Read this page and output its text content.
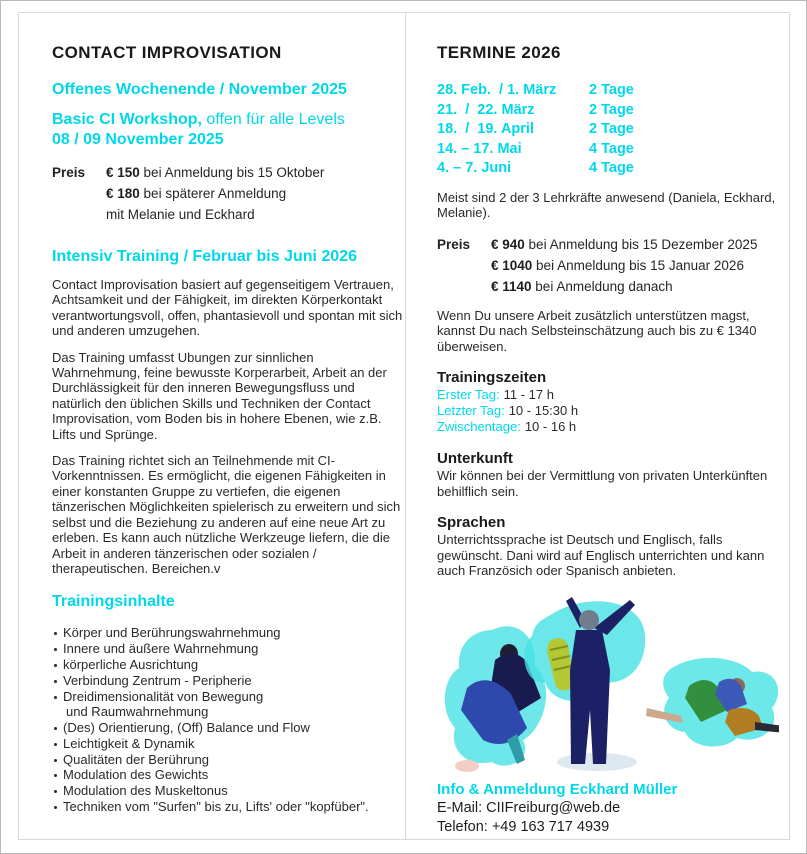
CONTACT IMPROVISATION
Offenes Wochenende / November 2025
Basic CI Workshop, offen für alle Levels
08 / 09 November 2025
Preis	€ 150 bei Anmeldung bis 15 Oktober
€ 180 bei späterer Anmeldung
mit Melanie und Eckhard
Intensiv Training / Februar bis Juni 2026

Contact Improvisation basiert auf gegenseitigem Vertrauen, Achtsamkeit und der Fähigkeit, im direkten Körperkontakt verantwortungsvoll, offen, phantasievoll und spontan mit sich und anderen umzugehen.

Das Training umfasst Ubungen zur sinnlichen Wahrnehmung, feine bewusste Korperarbeit, Arbeit an der Durchlässigkeit für den inneren Bewegungsfluss und natürlich den üblichen Skills und Techniken der Contact Improvisation, vom Boden bis in hohere Ebenen, wie z.B. Lifts und Sprünge.

Das Training richtet sich an Teilnehmende mit CI-Vorkenntnissen. Es ermöglicht, die eigenen Fähigkeiten in einer konstanten Gruppe zu vertiefen, die eigenen tänzerischen Möglichkeiten spielerisch zu erweitern und sich selbst und die Beziehung zu anderen auf eine neue Art zu erleben. Es kann auch nützliche Werkzeuge liefern, die die Arbeit in anderen tänzerischen oder sozialen / therapeutischen. Bereichen.v

Trainingsinhalte
Körper und Berührungswahrnehmung
Innere und äußere Wahrnehmung
körperliche Ausrichtung
Verbindung Zentrum - Peripherie
Dreidimensionalität von Bewegung
und Raumwahrnehmung
(Des) Orientierung, (Off) Balance und Flow
Leichtigkeit & Dynamik
Qualitäten der Berührung
Modulation des Gewichts
Modulation des Muskeltonus
Techniken vom "Surfen" bis zu, Lifts' oder "kopfüber".
TERMINE 2026
28. Feb.  / 1. März	2 Tage
21.  /  22. März	2 Tage
18.  /  19. April	2 Tage
14. – 17. Mai	4 Tage
4. – 7. Juni	4 Tage

Meist sind 2 der 3 Lehrkräfte anwesend (Daniela, Eckhard, Melanie).

Preis	€ 940 bei Anmeldung bis 15 Dezember 2025
€ 1040 bei Anmeldung bis 15 Januar 2026
€ 1140 bei Anmeldung danach

Wenn Du unsere Arbeit zusätzlich unterstützen magst, kannst Du nach Selbsteinschätzung auch bis zu € 1340 überweisen.

Trainingszeiten
Erster Tag: 11 - 17 h
Letzter Tag: 10 - 15:30 h
Zwischentage: 10 - 16 h
Unterkunft

Wir können bei der Vermittlung von privaten Unterkünften behilflich sein.

Sprachen

Unterrichtssprache ist Deutsch und Englisch, falls gewünscht. Dani wird auf Englisch unterrichten und kann auch Französich oder Spanisch anbieten.

Info & Anmeldung Eckhard Müller
E-Mail: CIIFreiburg@web.de
Telefon: +49 163 717 4939
